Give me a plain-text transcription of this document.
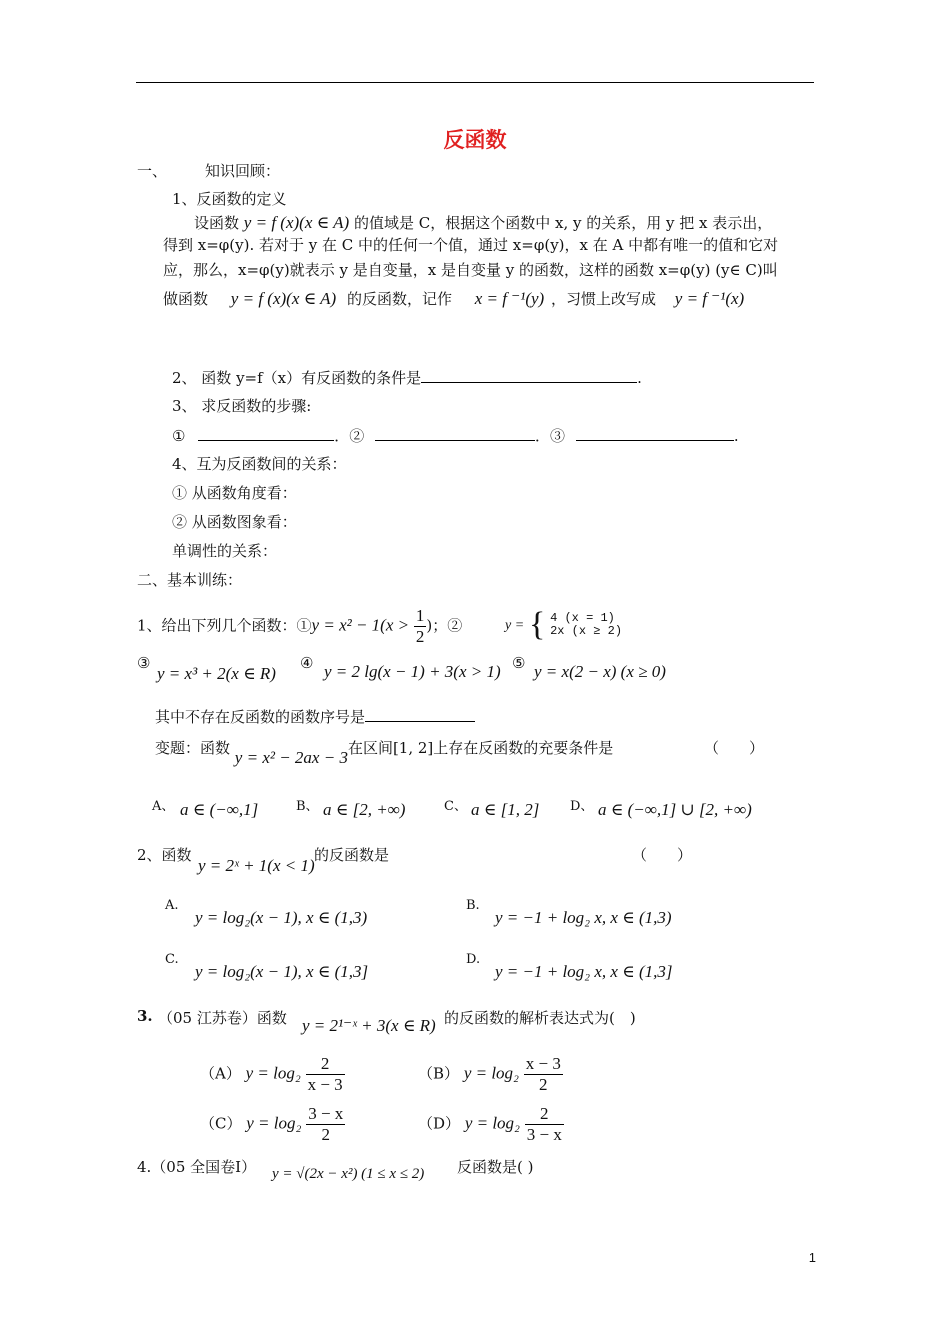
反函数
一、	知识回顾：
1、反函数的定义
设函数 y = f (x)(x ∈ A) 的值域是 C，根据这个函数中 x, y 的关系，用 y 把 x 表示出，
得到 x=φ(y). 若对于 y 在 C 中的任何一个值，通过 x=φ(y)，x 在 A 中都有唯一的值和它对
应，那么，x=φ(y)就表示 y 是自变量，x 是自变量 y 的函数，这样的函数 x=φ(y) (y∈ C)叫
做函数 y = f (x)(x ∈ A) 的反函数，记作 x = f ⁻¹(y) ，习惯上改写成 y = f ⁻¹(x)
2、 函数 y=f（x）有反函数的条件是	.
3、 求反函数的步骤:
①	．②	．③	.
4、互为反函数间的关系：
① 从函数角度看：
② 从函数图象看：
单调性的关系：
二、基本训练：
1、给出下列几个函数：①y = $x^2 - 1(x > \frac{1}{2}$ )；②	y = { 4 (x = 1)
2x (x ≥ 2)
③
y = x³ + 2(x ∈ R)
④ y = 2 lg(x − 1) + 3(x > 1) ⑤ y = x(2 − x) (x ≥ 0)
其中不存在反函数的函数序号是
变题：函数 y = x² − 2ax − 3在区间[1, 2]上存在反函数的充要条件是	（　　）
A、 a ∈ (−∞,1]	B、 a ∈ [2, +∞)	C、 a ∈ [1, 2] D、 a ∈ (−∞,1] ∪ [2, +∞)
2、函数
y = 2ˣ + 1(x < 1)
的反函数是	（　　）
A.
y = log₂(x − 1), x ∈ (1,3)
B.
y = −1 + log₂ x, x ∈ (1,3)
C.
y = log₂(x − 1), x ∈ (1,3]
D.
y = −1 + log₂ x, x ∈ (1,3]
3. （05 江苏卷）函数 y = 2¹⁻ˣ + 3(x ∈ R) 的反函数的解析表达式为(　)
（A） $y = \log_2 \frac{2}{x - 3}$	（B） $y = \log_2 \frac{x - 3}{2}$
（C） $y = \log_2 \frac{3 - x}{2}$	（D） $y = \log_2 \frac{2}{3 - x}$
4.（05 全国卷Ⅰ） y = √(2x − x²) (1 ≤ x ≤ 2) 反函数是( )
1
